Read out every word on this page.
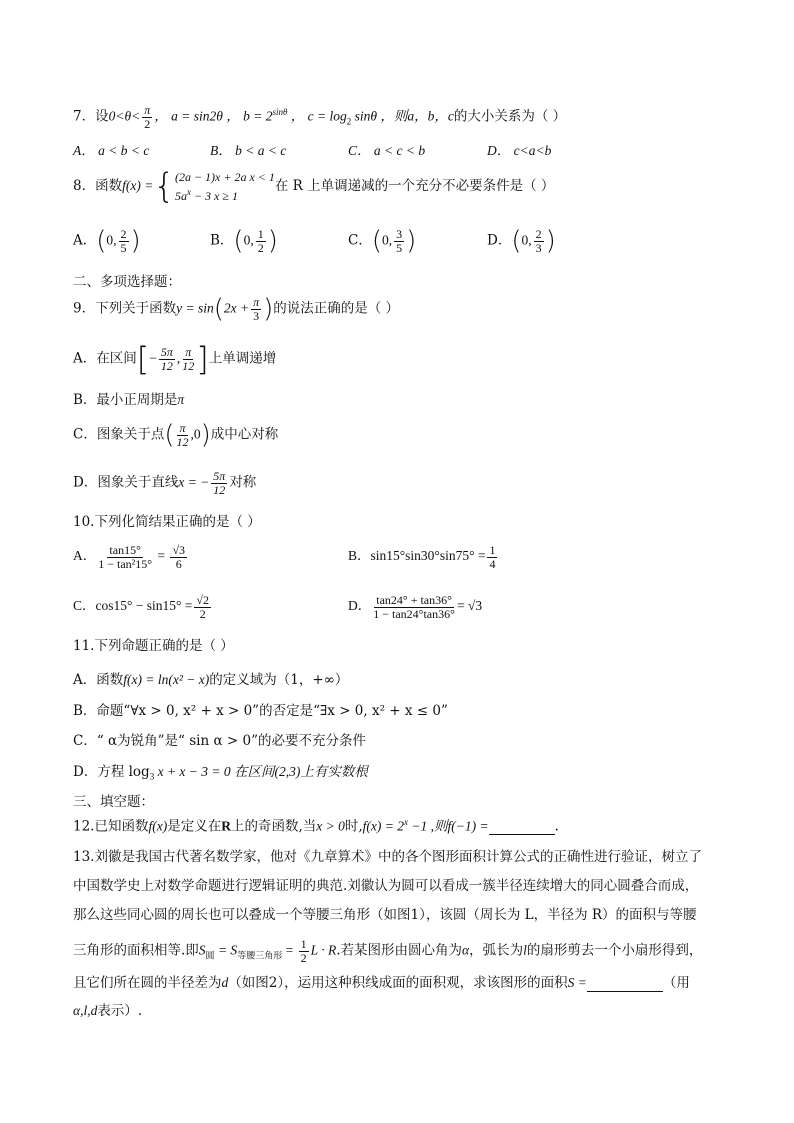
7．设$0<\theta< \frac{\pi}{2}$ ， a = sin2θ ， $b = 2^{sin\theta}$ ， $c = \log_2 \sin\theta$ ，则a，b，c的大小关系为（ ）
A． a < b < c	B． b < a < c	C． a < c < b	D． c<a<b
8．函数f(x) ={ (2a − 1)x + 2a x < 1
$5a^x - 3$ x ≥ 1
在 R 上单调递减的一个充分不必要条件是（ ）
A．(0, $\frac{2}{5}$ )	B．(0, $\frac{1}{2}$ )	C．(0, $\frac{3}{5}$ )	D．(0, $\frac{2}{3}$ )
二、多项选择题：
9．下列关于函数$y = \sin(2x + \frac{\pi}{3}$ )的说法正确的是（ ）
A．在区间[− $\frac{5\pi}{12}$ , $\frac{\pi}{12}$ ]上单调递增
B．最小正周期是π
C．图象关于点( $\frac{\pi}{12} ,0$)成中心对称
D．图象关于直线x = − $\frac{5\pi}{12}$ 对称
10.下列化简结果正确的是（ ）
A． $\frac{\tan 15^\circ}{\text{1 − tan²15°}} = \frac{√3}{6}$	B．$\sin 15^\circ\sin 30^\circ\sin 75^\circ = \frac{1}{4}$
C．$\cos 15^\circ - \sin 15^\circ = \frac{√2}{2}$	D． $\frac{\tan 24^\circ + \tan 36^\circ}{1 - \tan 24^\circ\tan 36^\circ} = √3$
11.下列命题正确的是（ ）
A．函数f(x) = ln(x² − x)的定义域为（1，+∞）
B．命题“∀x > 0, x² + x > 0”的否定是“∃x > 0, x² + x ≤ 0”
C．“ α为锐角”是“ sin α > 0”的必要不充分条件
D．方程 $\log_3 x + x - 3 = 0$ 在区间(2,3)上有实数根
三、填空题：
12.已知函数f(x)是定义在R上的奇函数,当x > 0时$,f(x) = 2^x -1$ ,则f(−1) =	.
13.刘徽是我国古代著名数学家，他对《九章算术》中的各个图形面积计算公式的正确性进行验证，树立了
中国数学史上对数学命题进行逻辑证明的典范.刘徽认为圆可以看成一簇半径连续增大的同心圆叠合而成，
那么这些同心圆的周长也可以叠成一个等腰三角形（如图1），该圆（周长为 L，半径为 R）的面积与等腰
三角形的面积相等.即$S_圆 = S_{等腰三角形} = \frac{1}{2}$ L · R.若某图形由圆心角为α，弧长为l的扇形剪去一个小扇形得到，
且它们所在圆的半径差为d（如图2），运用这种积线成面的面积观，求该图形的面积S =	（用
α,l,d表示）.
